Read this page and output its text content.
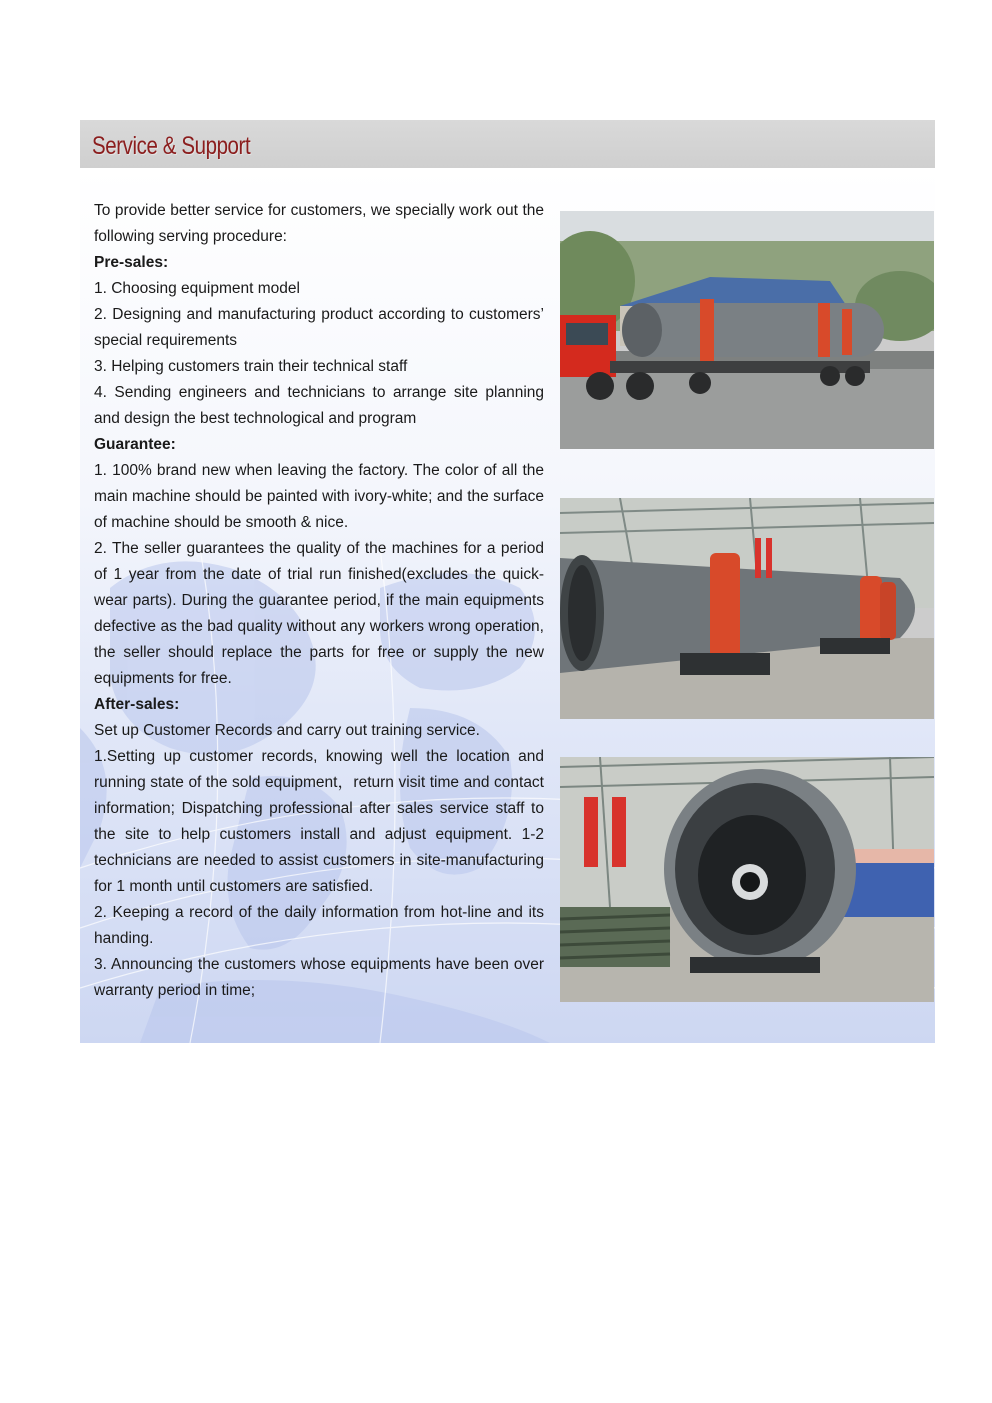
Service & Support

To provide better service for customers, we specially work out the following serving procedure:

Pre-sales:

1. Choosing equipment model

2. Designing and manufacturing product according to customers’ special requirements

3. Helping customers train their technical staff

4. Sending engineers and technicians to arrange site planning and design the best technological and program

Guarantee:

1. 100% brand new when leaving the factory. The color of all the main machine should be painted with ivory-white; and the surface of machine should be smooth & nice.

2. The seller guarantees the quality of the machines for a period of 1 year from the date of trial run finished(excludes the quick-wear parts). During the guarantee period, if the main equipments defective as the bad quality without any workers wrong operation, the seller should replace the parts for free or supply the new equipments for free.

After-sales:

Set up Customer Records and carry out training service.

1.Setting up customer records, knowing well the location and running state of the sold equipment，return visit time and contact information; Dispatching professional after sales service staff to the site to help customers install and adjust equipment. 1-2 technicians are needed to assist customers in site-manufacturing for 1 month until customers are satisfied.

2. Keeping a record of the daily information from hot-line and its handing.

3. Announcing the customers whose equipments have been over warranty period in time;
